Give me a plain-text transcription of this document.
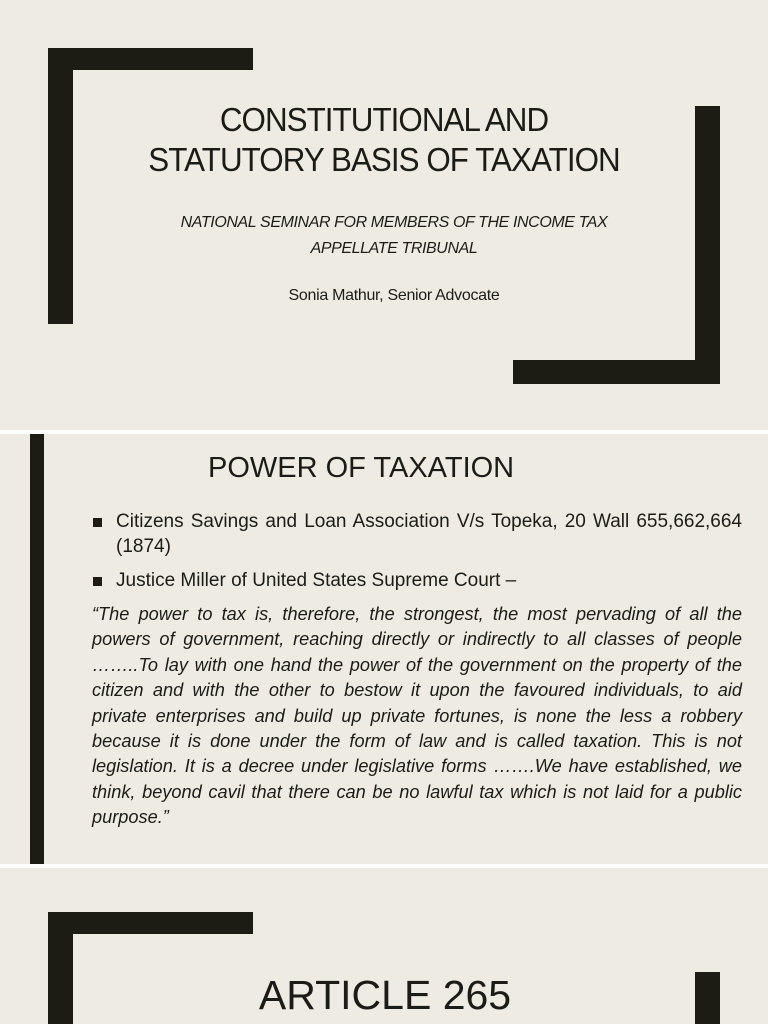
CONSTITUTIONAL AND
STATUTORY BASIS OF TAXATION
NATIONAL SEMINAR FOR MEMBERS OF THE INCOME TAX
APPELLATE TRIBUNAL
Sonia Mathur, Senior Advocate
POWER OF TAXATION
Citizens Savings and Loan Association V/s Topeka, 20 Wall 655,662,664 (1874)
Justice Miller of United States Supreme Court –

“The power to tax is, therefore, the strongest, the most pervading of all the powers of government, reaching directly or indirectly to all classes of people ……..To lay with one hand the power of the government on the property of the citizen and with the other to bestow it upon the favoured individuals, to aid private enterprises and build up private fortunes, is none the less a robbery because it is done under the form of law and is called taxation. This is not legislation. It is a decree under legislative forms …….We have established, we think, beyond cavil that there can be no lawful tax which is not laid for a public purpose.”

ARTICLE 265
